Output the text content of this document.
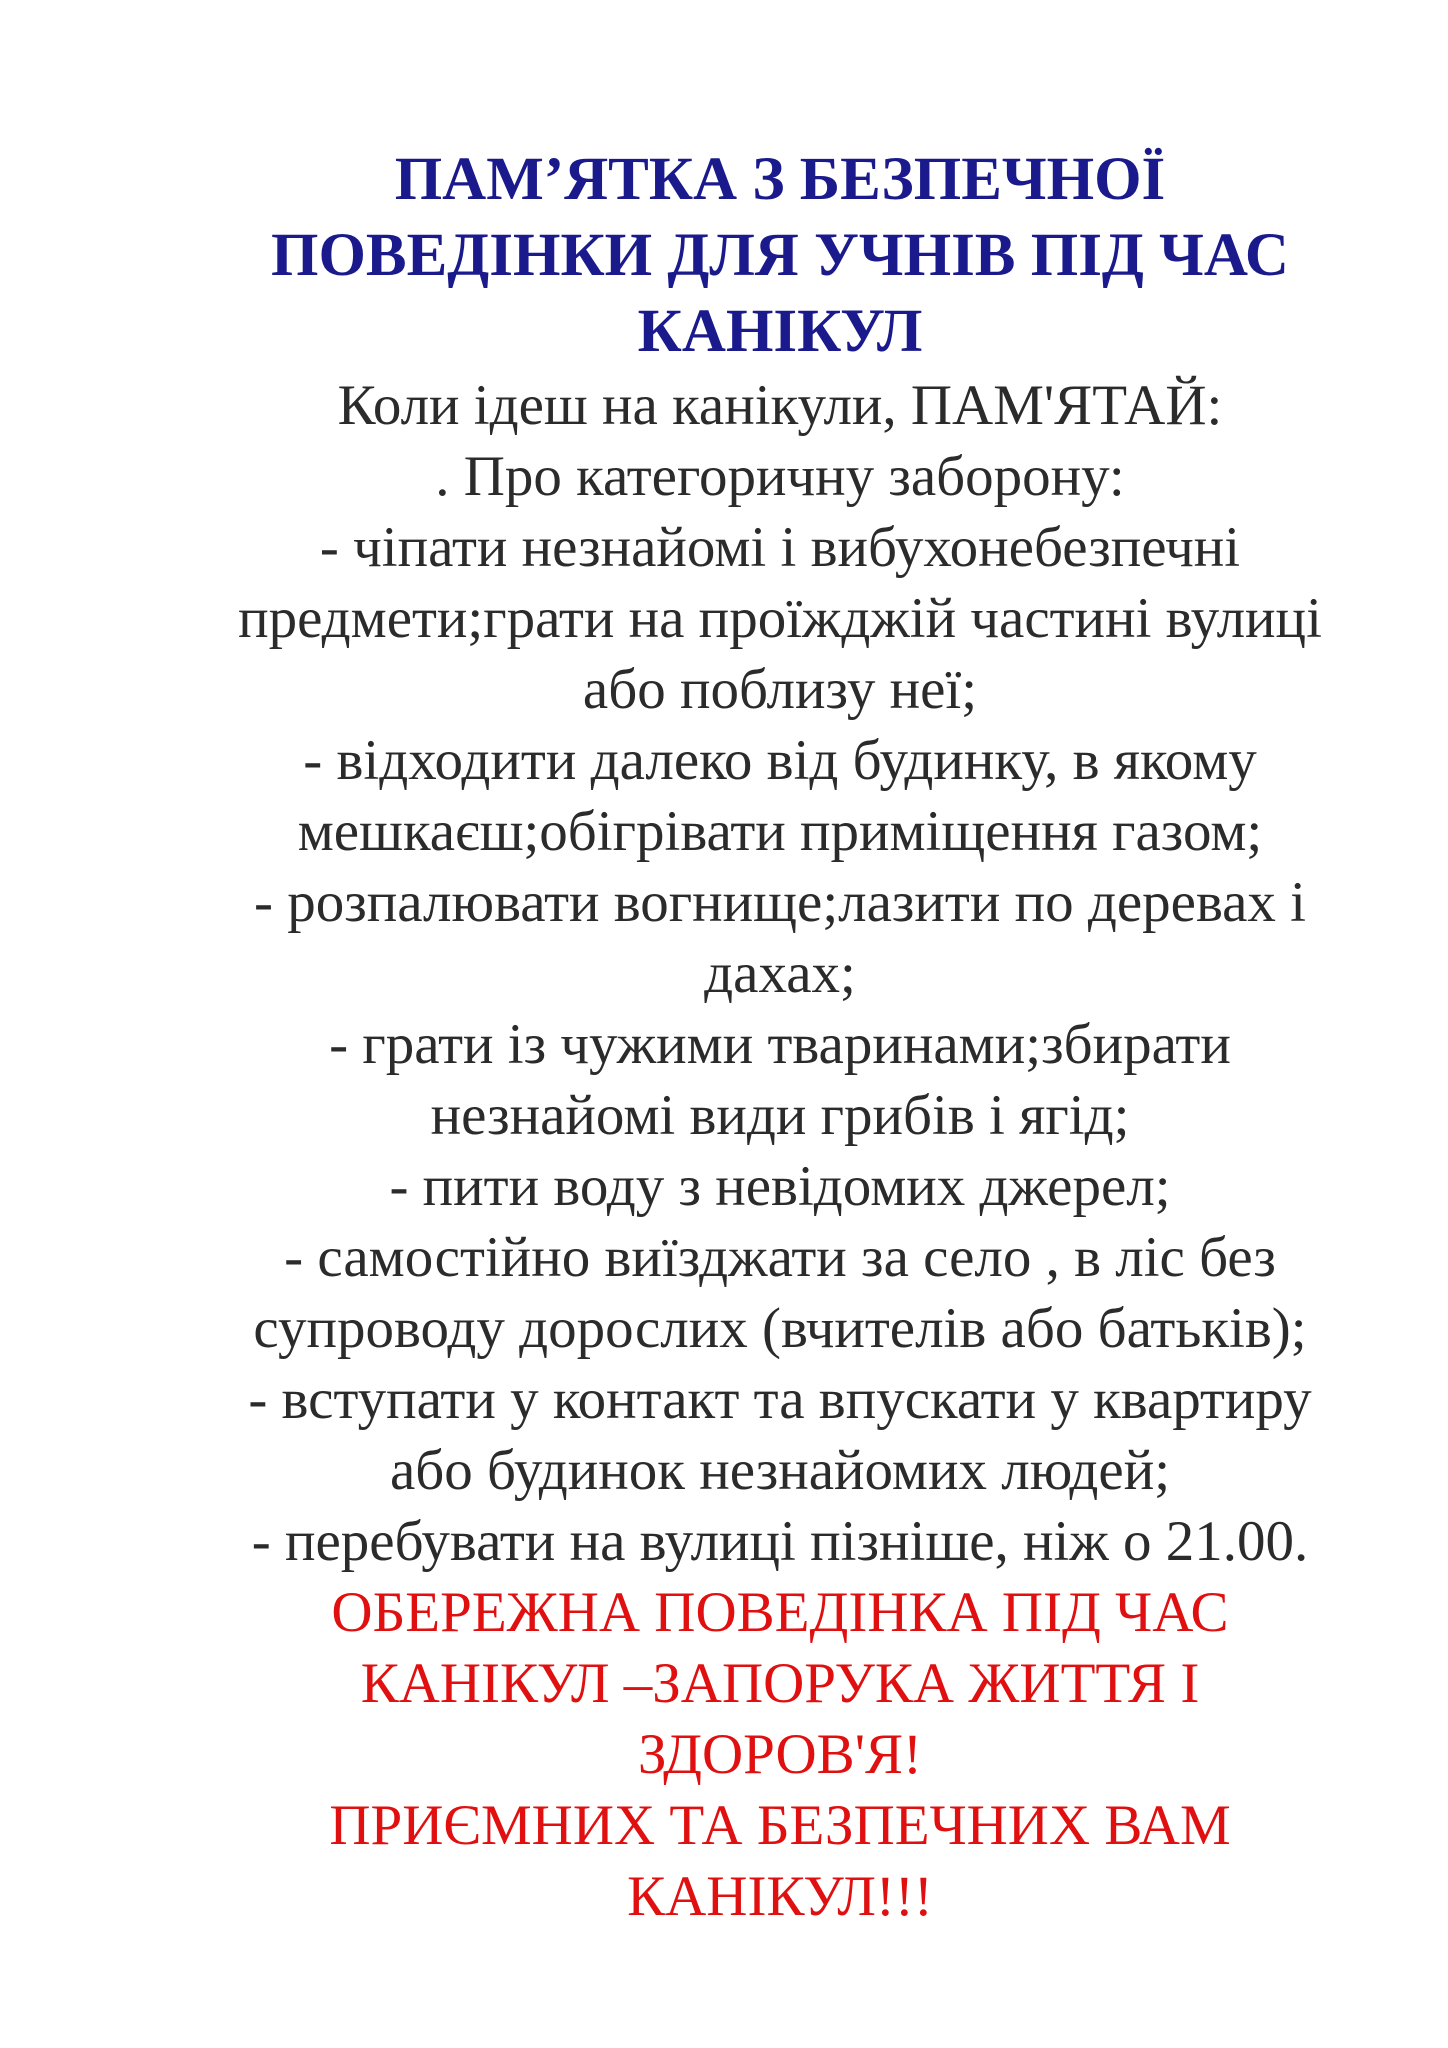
ПАМ’ЯТКА З БЕЗПЕЧНОЇ
ПОВЕДІНКИ ДЛЯ УЧНІВ ПІД ЧАС
КАНІКУЛ
Коли ідеш на канікули, ПАМ'ЯТАЙ:
. Про категоричну заборону:
- чіпати незнайомі і вибухонебезпечні
предмети;грати на проїжджій частині вулиці
або поблизу неї;
- відходити далеко від будинку, в якому
мешкаєш;обігрівати приміщення газом;
- розпалювати вогнище;лазити по деревах і
дахах;
- грати із чужими тваринами;збирати
незнайомі види грибів і ягід;
- пити воду з невідомих джерел;
- самостійно виїзджати за село , в ліс без
супроводу дорослих (вчителів або батьків);
- вступати у контакт та впускати у квартиру
або будинок незнайомих людей;
- перебувати на вулиці пізніше, ніж о 21.00.
ОБЕРЕЖНА ПОВЕДІНКА ПІД ЧАС
КАНІКУЛ –ЗАПОРУКА ЖИТТЯ І
ЗДОРОВ'Я!
ПРИЄМНИХ ТА БЕЗПЕЧНИХ ВАМ
КАНІКУЛ!!!
